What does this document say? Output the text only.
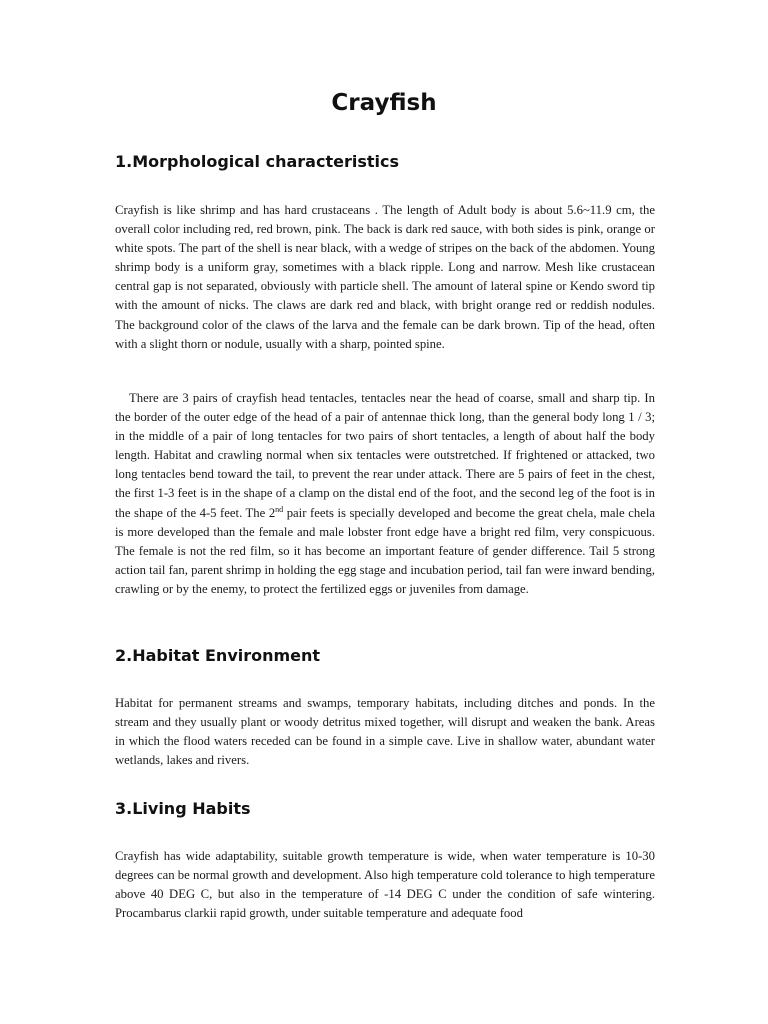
Crayfish
1.Morphological characteristics

Crayfish is like shrimp and has hard crustaceans . The length of Adult body is about 5.6~11.9 cm, the overall color including red, red brown, pink. The back is dark red sauce, with both sides is pink, orange or white spots. The part of the shell is near black, with a wedge of stripes on the back of the abdomen. Young shrimp body is a uniform gray, sometimes with a black ripple. Long and narrow. Mesh like crustacean central gap is not separated, obviously with particle shell. The amount of lateral spine or Kendo sword tip with the amount of nicks. The claws are dark red and black, with bright orange red or reddish nodules. The background color of the claws of the larva and the female can be dark brown. Tip of the head, often with a slight thorn or nodule, usually with a sharp, pointed spine.

There are 3 pairs of crayfish head tentacles, tentacles near the head of coarse, small and sharp tip. In the border of the outer edge of the head of a pair of antennae thick long, than the general body long 1 / 3; in the middle of a pair of long tentacles for two pairs of short tentacles, a length of about half the body length. Habitat and crawling normal when six tentacles were outstretched. If frightened or attacked, two long tentacles bend toward the tail, to prevent the rear under attack. There are 5 pairs of feet in the chest, the first 1-3 feet is in the shape of a clamp on the distal end of the foot, and the second leg of the foot is in the shape of the 4-5 feet. The 2nd pair feets is specially developed and become the great chela, male chela is more developed than the female and male lobster front edge have a bright red film, very conspicuous. The female is not the red film, so it has become an important feature of gender difference. Tail 5 strong action tail fan, parent shrimp in holding the egg stage and incubation period, tail fan were inward bending, crawling or by the enemy, to protect the fertilized eggs or juveniles from damage.

2.Habitat Environment

Habitat for permanent streams and swamps, temporary habitats, including ditches and ponds. In the stream and they usually plant or woody detritus mixed together, will disrupt and weaken the bank. Areas in which the flood waters receded can be found in a simple cave. Live in shallow water, abundant water wetlands, lakes and rivers.

3.Living Habits

Crayfish has wide adaptability, suitable growth temperature is wide, when water temperature is 10-30 degrees can be normal growth and development. Also high temperature cold tolerance to high temperature above 40 DEG C, but also in the temperature of -14 DEG C under the condition of safe wintering. Procambarus clarkii rapid growth, under suitable temperature and adequate food
